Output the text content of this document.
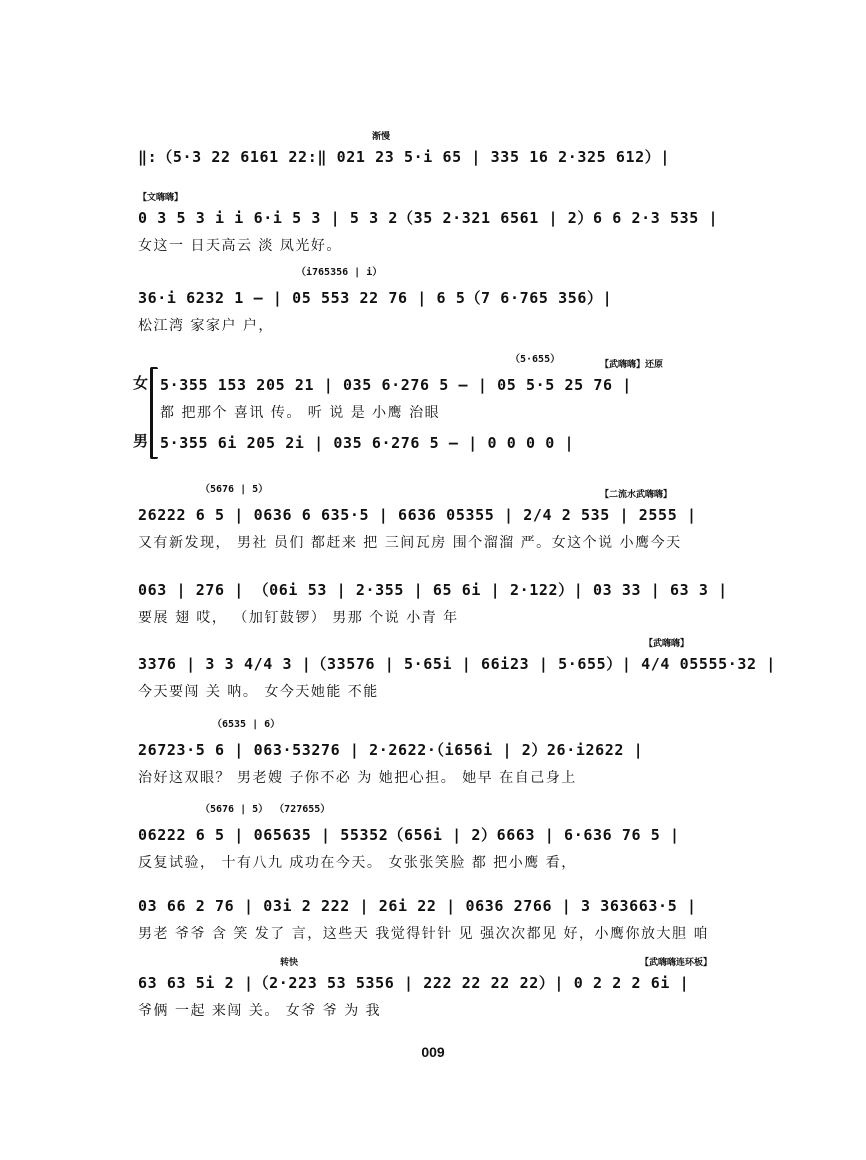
渐慢
‖:（5·3 22 6161 22:‖ 021 23 5·i 65 | 335 16 2·325 612）|
【文嗨嗨】
0 3 5 3 i i 6·i 5 3 | 5 3 2（35 2·321 6561 | 2）6 6 2·3 535 |
女这一 日天高云 淡 凤光好。
（i765356 | i）
36·i 6232 1 — | 05 553 22 76 | 6 5（7 6·765 356）|
松江湾 家家户 户，
女
（5·655）	【武嗨嗨】还原
5·355 153 205 21 | 035 6·276 5 — | 05 5·5 25 76 |
都 把那个 喜讯 传。 听 说 是 小鹰 治眼
男 5·355 6i 205 2i | 035 6·276 5 — | 0 0 0 0 |
（5676 | 5）	【二流水武嗨嗨】
26222 6 5 | 0636 6 635·5 | 6636 05355 | 2/4 2 535 | 2555 |
又有新发现， 男社 员们 都赶来 把 三间瓦房 围个溜溜 严。女这个说 小鹰今天
063 | 276 | （06i 53 | 2·355 | 65 6i | 2·122）| 03 33 | 63 3 |
要展 翅 哎， （加钉鼓锣） 男那 个说 小青 年
【武嗨嗨】
3376 | 3 3 4/4 3 |（33576 | 5·65i | 66i23 | 5·655）| 4/4 05555·32 |
今天要闯 关 呐。 女今天她能 不能
（6535 | 6）
26723·5 6 | 063·53276 | 2·2622·（i656i | 2）26·i2622 |
治好这双眼？ 男老嫂 子你不必 为 她把心担。 她早 在自己身上
（5676 | 5） （727655）
06222 6 5 | 065635 | 55352（656i | 2）6663 | 6·636 76 5 |
反复试验， 十有八九 成功在今天。 女张张笑脸 都 把小鹰 看，
03 66 2 76 | 03i 2 222 | 26i 22 | 0636 2766 | 3 363663·5 |
男老 爷爷 含 笑 发了 言，这些天 我觉得针针 见 强次次都见 好，小鹰你放大胆 咱
转快	【武嗨嗨连环板】
63 63 5i 2 |（2·223 53 5356 | 222 22 22 22）| 0 2 2 2 6i |
爷俩 一起 来闯 关。 女爷 爷 为 我
009
